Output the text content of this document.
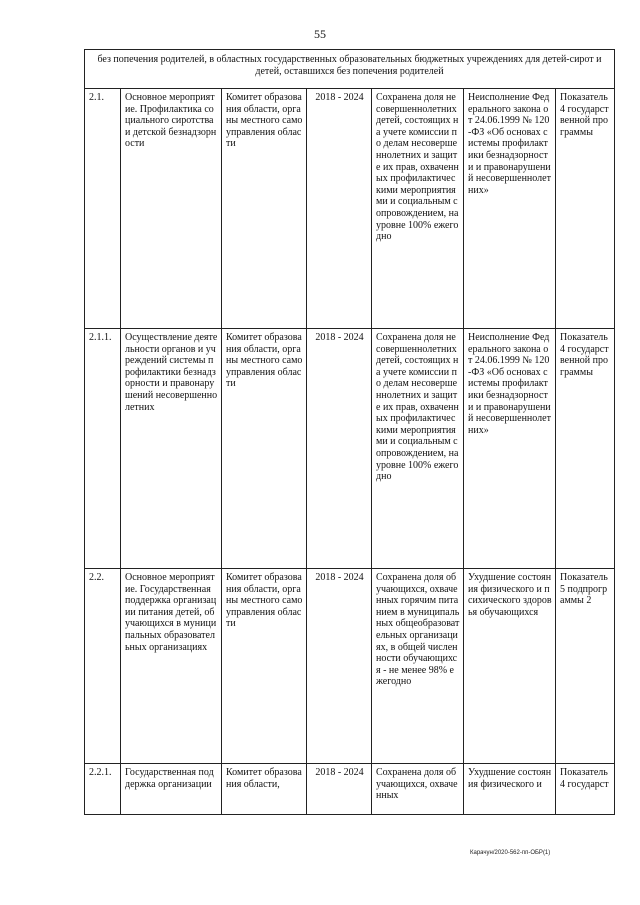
55
без попечения родителей, в областных государственных образовательных бюджетных учреждениях для детей-сирот и детей, оставшихся без попечения родителей						
2.1.	Основное мероприятие. Профилактика социального сиротства и детской безнадзорности	Комитет образования области, органы местного самоуправления области	2018 - 2024	Сохранена доля несовершеннолетних детей, состоящих на учете комиссии по делам несовершеннолетних и защите их прав, охваченных профилактическими мероприятиями и социальным сопровождением, на уровне 100% ежегодно	Неисполнение Федерального закона от 24.06.1999 № 120-ФЗ «Об основах системы профилактики безнадзорности и правонарушений несовершеннолетних»	Показатель 4 государственной программы
2.1.1.	Осуществление деятельности органов и учреждений системы профилактики безнадзорности и правонарушений несовершеннолетних	Комитет образования области, органы местного самоуправления области	2018 - 2024	Сохранена доля несовершеннолетних детей, состоящих на учете комиссии по делам несовершеннолетних и защите их прав, охваченных профилактическими мероприятиями и социальным сопровождением, на уровне 100% ежегодно	Неисполнение Федерального закона от 24.06.1999 № 120-ФЗ «Об основах системы профилактики безнадзорности и правонарушений несовершеннолетних»	Показатель 4 государственной программы
2.2.	Основное мероприятие. Государственная поддержка организации питания детей, обучающихся в муниципальных образовательных организациях	Комитет образования области, органы местного самоуправления области	2018 - 2024	Сохранена доля обучающихся, охваченных горячим питанием в муниципальных общеобразовательных организациях, в общей численности обучающихся - не менее 98% ежегодно	Ухудшение состояния физического и психического здоровья обучающихся	Показатель 5 подпрограммы 2
2.2.1.	Государственная поддержка организации	Комитет образования области,	2018 - 2024	Сохранена доля обучающихся, охваченных	Ухудшение состояния физического и	Показатель 4 государст
Карачун/2020-562-пп-ОБР(1)
